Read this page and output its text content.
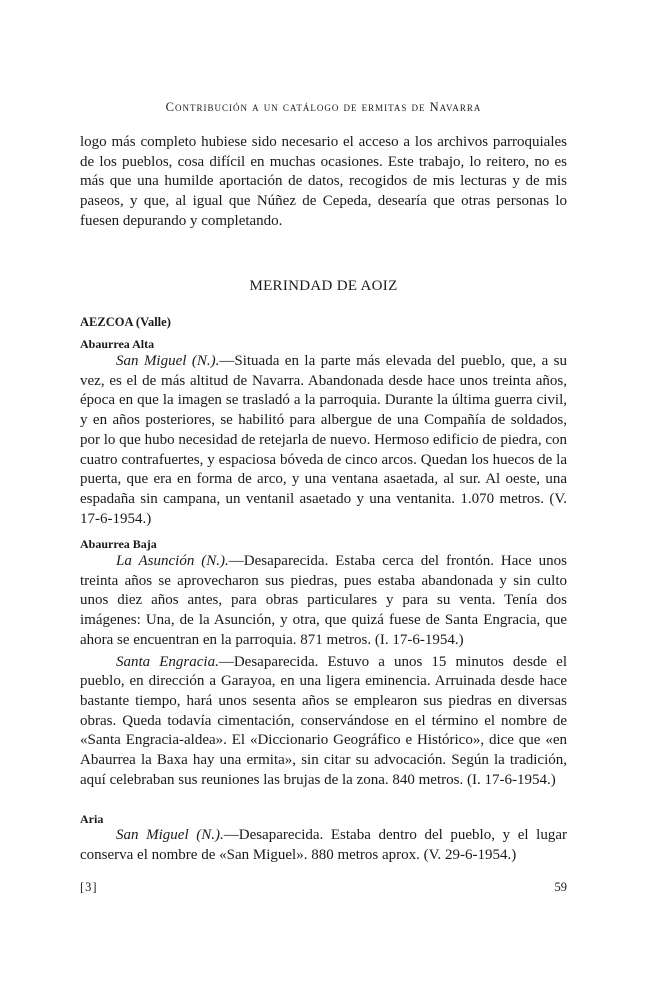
Contribución a un catálogo de ermitas de Navarra

logo más completo hubiese sido necesario el acceso a los archivos parroquiales de los pueblos, cosa difícil en muchas ocasiones. Este trabajo, lo reitero, no es más que una humilde aportación de datos, recogidos de mis lecturas y de mis paseos, y que, al igual que Núñez de Cepeda, desearía que otras personas lo fuesen depurando y completando.

MERINDAD DE AOIZ
AEZCOA (Valle)
Abaurrea Alta

San Miguel (N.).—Situada en la parte más elevada del pueblo, que, a su vez, es el de más altitud de Navarra. Abandonada desde hace unos treinta años, época en que la imagen se trasladó a la parroquia. Durante la última guerra civil, y en años posteriores, se habilitó para albergue de una Compañía de soldados, por lo que hubo necesidad de retejarla de nuevo. Hermoso edificio de piedra, con cuatro contrafuertes, y espaciosa bóveda de cinco arcos. Quedan los huecos de la puerta, que era en forma de arco, y una ventana asaetada, al sur. Al oeste, una espadaña sin campana, un ventanil asaetado y una ventanita. 1.070 metros. (V. 17-6-1954.)

Abaurrea Baja

La Asunción (N.).—Desaparecida. Estaba cerca del frontón. Hace unos treinta años se aprovecharon sus piedras, pues estaba abandonada y sin culto unos diez años antes, para obras particulares y para su venta. Tenía dos imágenes: Una, de la Asunción, y otra, que quizá fuese de Santa Engracia, que ahora se encuentran en la parroquia. 871 metros. (I. 17-6-1954.)

Santa Engracia.—Desaparecida. Estuvo a unos 15 minutos desde el pueblo, en dirección a Garayoa, en una ligera eminencia. Arruinada desde hace bastante tiempo, hará unos sesenta años se emplearon sus piedras en diversas obras. Queda todavía cimentación, conservándose en el término el nombre de «Santa Engracia-aldea». El «Diccionario Geográfico e Histórico», dice que «en Abaurrea la Baxa hay una ermita», sin citar su advocación. Según la tradición, aquí celebraban sus reuniones las brujas de la zona. 840 metros. (I. 17-6-1954.)

Aria

San Miguel (N.).—Desaparecida. Estaba dentro del pueblo, y el lugar conserva el nombre de «San Miguel». 880 metros aprox. (V. 29-6-1954.)

[3]	59
